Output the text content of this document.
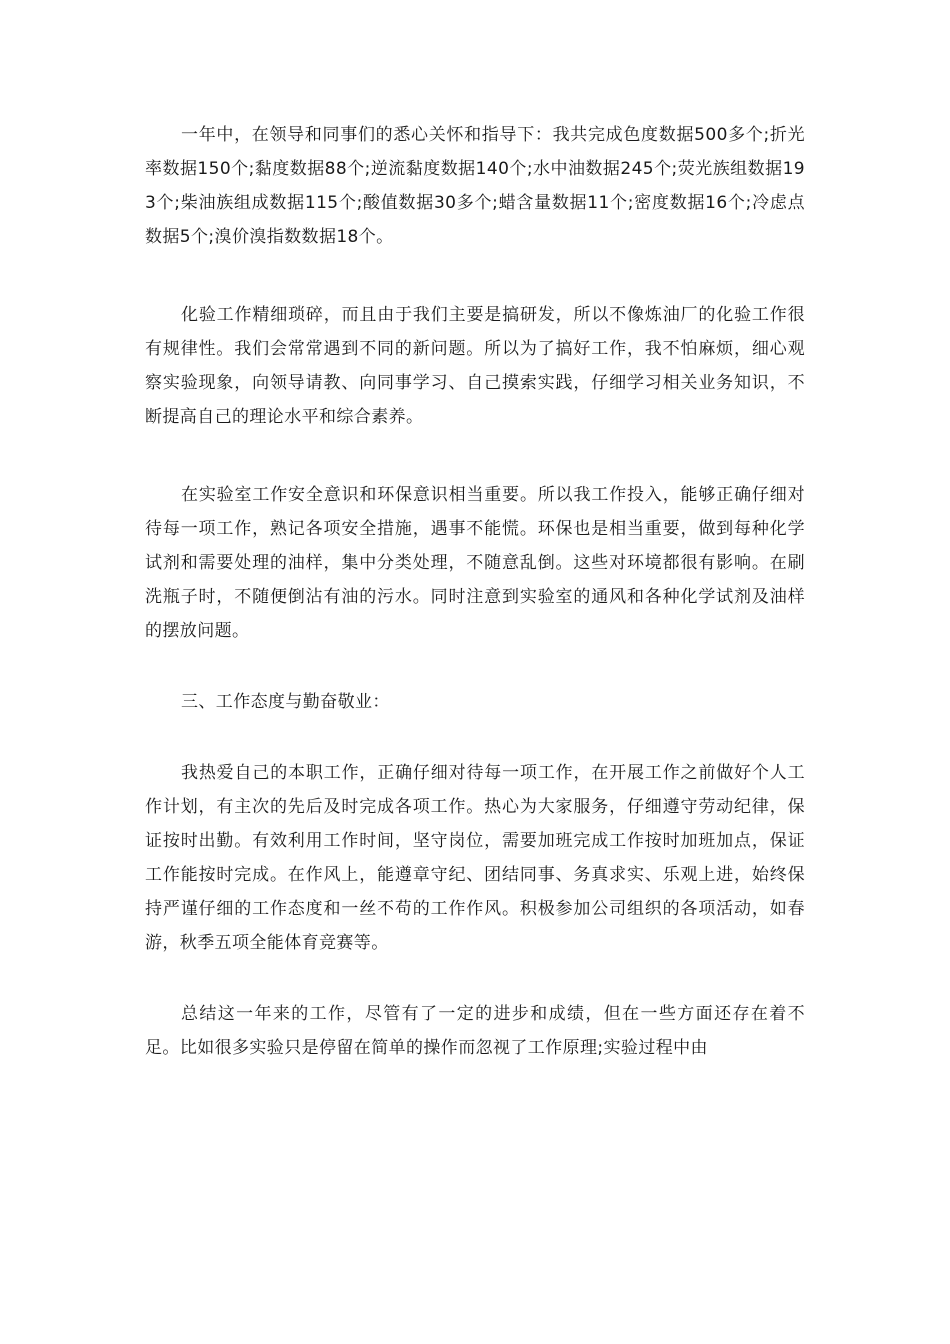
一年中，在领导和同事们的悉心关怀和指导下：我共完成色度数据500多个;折光率数据150个;黏度数据88个;逆流黏度数据140个;水中油数据245个;荧光族组数据193个;柴油族组成数据115个;酸值数据30多个;蜡含量数据11个;密度数据16个;冷虑点数据5个;溴价溴指数数据18个。

化验工作精细琐碎，而且由于我们主要是搞研发，所以不像炼油厂的化验工作很有规律性。我们会常常遇到不同的新问题。所以为了搞好工作，我不怕麻烦，细心观察实验现象，向领导请教、向同事学习、自己摸索实践，仔细学习相关业务知识，不断提高自己的理论水平和综合素养。

在实验室工作安全意识和环保意识相当重要。所以我工作投入，能够正确仔细对待每一项工作，熟记各项安全措施，遇事不能慌。环保也是相当重要，做到每种化学试剂和需要处理的油样，集中分类处理，不随意乱倒。这些对环境都很有影响。在刷洗瓶子时，不随便倒沾有油的污水。同时注意到实验室的通风和各种化学试剂及油样的摆放问题。

三、工作态度与勤奋敬业：

我热爱自己的本职工作，正确仔细对待每一项工作，在开展工作之前做好个人工作计划，有主次的先后及时完成各项工作。热心为大家服务，仔细遵守劳动纪律，保证按时出勤。有效利用工作时间，坚守岗位，需要加班完成工作按时加班加点，保证工作能按时完成。在作风上，能遵章守纪、团结同事、务真求实、乐观上进，始终保持严谨仔细的工作态度和一丝不苟的工作作风。积极参加公司组织的各项活动，如春游，秋季五项全能体育竞赛等。

总结这一年来的工作，尽管有了一定的进步和成绩，但在一些方面还存在着不足。比如很多实验只是停留在简单的操作而忽视了工作原理;实验过程中由
